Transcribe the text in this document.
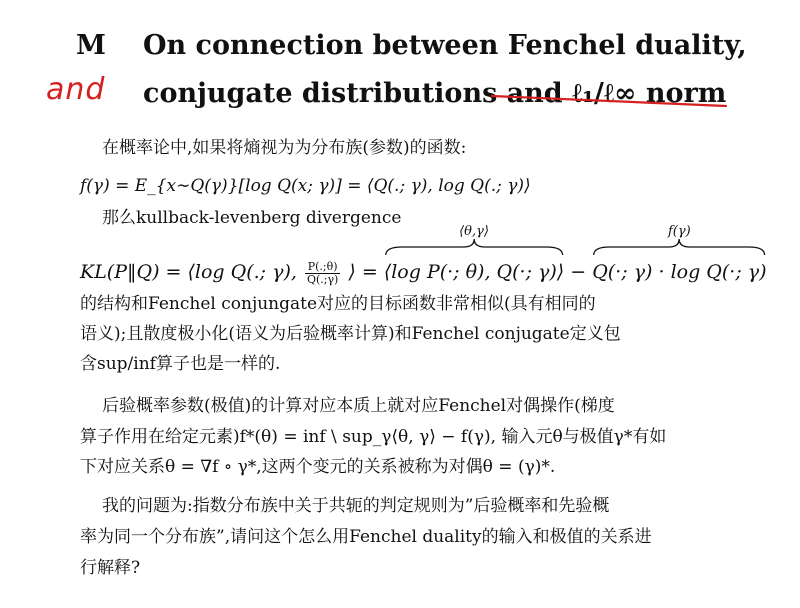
M On connection between Fenchel duality,
conjugate distributions and ℓ₁/ℓ∞ norm
and
在概率论中,如果将熵视为为分布族(参数)的函数:
f(γ) = E_{x∼Q(γ)}[log Q(x; γ)] = ⟨Q(.; γ), log Q(.; γ)⟩
那么kullback-levenberg divergence
KL(P‖Q) = ⟨log Q(.; γ), $\frac{P(.;\theta)}{Q(.;\gamma)}$ ⟩ =
⟨θ,γ⟩
⟨log P(·; θ), Q(·; γ)⟩ −
f(γ)
Q(·; γ) · log Q(·; γ)
的结构和Fenchel conjungate对应的目标函数非常相似(具有相同的
语义);且散度极小化(语义为后验概率计算)和Fenchel conjugate定义包
含sup/inf算子也是一样的.
后验概率参数(极值)的计算对应本质上就对应Fenchel对偶操作(梯度
算子作用在给定元素)f*(θ) = inf \ sup_γ⟨θ, γ⟩ − f(γ), 输入元θ与极值γ*有如
下对应关系θ = ∇f ∘ γ*,这两个变元的关系被称为对偶θ = (γ)*.
我的问题为:指数分布族中关于共轭的判定规则为”后验概率和先验概
率为同一个分布族”,请问这个怎么用Fenchel duality的输入和极值的关系进
行解释?
